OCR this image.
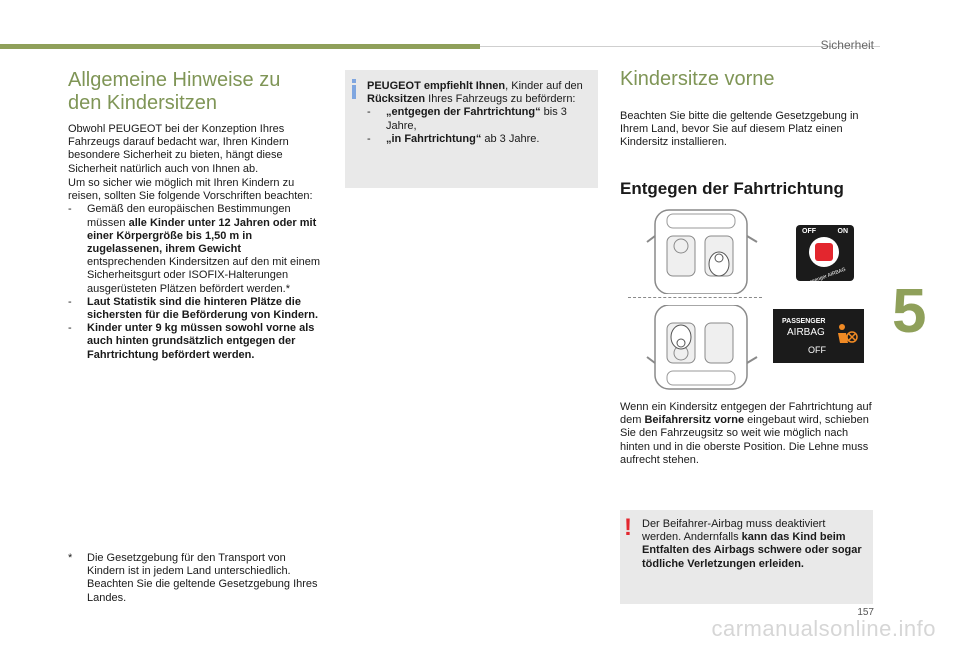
Sicherheit
5
157
carmanualsonline.info
Allgemeine Hinweise zu
den Kindersitzen
Obwohl PEUGEOT bei der Konzeption Ihres Fahrzeugs darauf bedacht war, Ihren Kindern besondere Sicherheit zu bieten, hängt diese Sicherheit natürlich auch von Ihnen ab.
Um so sicher wie möglich mit Ihren Kindern zu reisen, sollten Sie folgende Vorschriften beachten:
- Gemäß den europäischen Bestimmungen müssen alle Kinder unter 12 Jahren oder mit einer Körpergröße bis 1,50 m in zugelassenen, ihrem Gewicht entsprechenden Kindersitzen auf den mit einem Sicherheitsgurt oder ISOFIX-Halterungen ausgerüsteten Plätzen befördert werden.*
- Laut Statistik sind die hinteren Plätze die sichersten für die Beförderung von Kindern.
- Kinder unter 9 kg müssen sowohl vorne als auch hinten grundsätzlich entgegen der Fahrtrichtung befördert werden.
* Die Gesetzgebung für den Transport von Kindern ist in jedem Land unterschiedlich. Beachten Sie die geltende Gesetzgebung Ihres Landes.
PEUGEOT empfiehlt Ihnen, Kinder auf den Rücksitzen Ihres Fahrzeugs zu befördern:
- „entgegen der Fahrtrichtung“ bis 3 Jahre,
- „in Fahrtrichtung“ ab 3 Jahre.
Kindersitze vorne
Beachten Sie bitte die geltende Gesetzgebung in Ihrem Land, bevor Sie auf diesem Platz einen Kindersitz installieren.
Entgegen der Fahrtrichtung
OFF	ON
Passenger AIRBAG
PASSENGER
AIRBAG
OFF
Wenn ein Kindersitz entgegen der Fahrtrichtung auf dem Beifahrersitz vorne eingebaut wird, schieben Sie den Fahrzeugsitz so weit wie möglich nach hinten und in die oberste Position. Die Lehne muss aufrecht stehen.
! Der Beifahrer-Airbag muss deaktiviert werden. Andernfalls kann das Kind beim Entfalten des Airbags schwere oder sogar tödliche Verletzungen erleiden.
